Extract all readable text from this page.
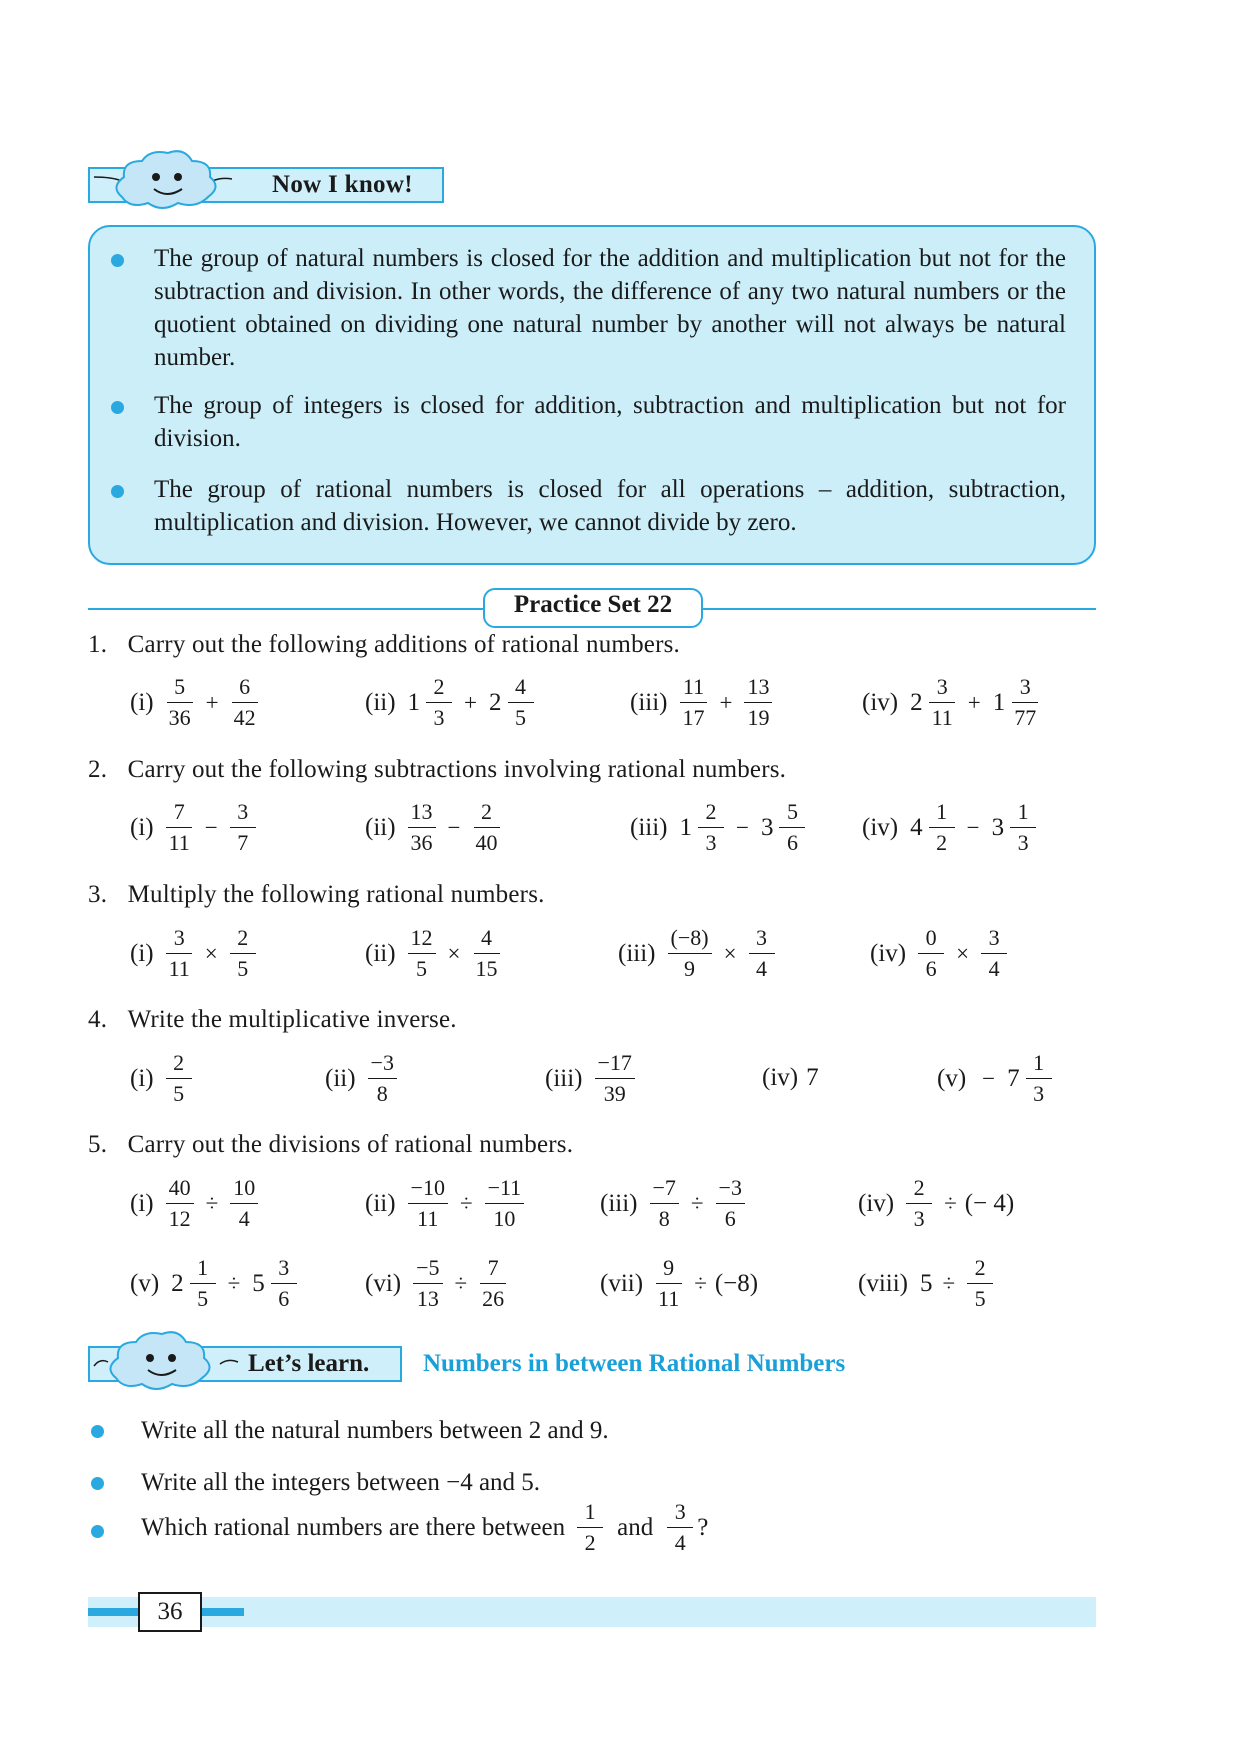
Now I know!
The group of natural numbers is closed for the addition and multiplication but not for the subtraction and division. In other words, the difference of any two natural numbers or the quotient obtained on dividing one natural number by another will not always be natural number.
The group of integers is closed for addition, subtraction and multiplication but not for division.
The group of rational numbers is closed for all operations – addition, subtraction, multiplication and division. However, we cannot divide by zero.
Practice Set 22
1. Carry out the following additions of rational numbers.
$(i) \frac{5}{36} + \frac{6}{42}$	(ii) $1 \frac{2}{3} + 2 \frac{4}{5}$	$(iii) \frac{11}{17} + \frac{13}{19}$	(iv) $2 \frac{3}{11} + 1 \frac{3}{77}$
2. Carry out the following subtractions involving rational numbers.
$(i) \frac{7}{11} - \frac{3}{7}$	$(ii) \frac{13}{36} - \frac{2}{40}$	(iii) $1 \frac{2}{3} - 3 \frac{5}{6} (iv)$ $4 \frac{1}{2} - 3 \frac{1}{3}$
3. Multiply the following rational numbers.
$(i) \frac{3}{11} \times \frac{2}{5}$	$(ii) \frac{12}{5} \times \frac{4}{15}$	$(iii) \frac{(-8)}{9} \times \frac{3}{4}$	$(iv) \frac{0}{6} \times \frac{3}{4}$
4. Write the multiplicative inverse.
$(i) \frac{2}{5}$	$(ii) \frac{-3}{8}$	$(iii) \frac{-17}{39}$	(iv) 7	$(v) - 7 \frac{1}{3}$
5. Carry out the divisions of rational numbers.
$(i) \frac{40}{12} \div \frac{10}{4}$	$(ii) \frac{-10}{11} \div \frac{-11}{10}$	$(iii) \frac{-7}{8} \div \frac{-3}{6}$	$(iv) \frac{2}{3}$ ÷ (− 4)
(v) $2 \frac{1}{5} \div 5 \frac{3}{6}$	$(vi) \frac{-5}{13} \div \frac{7}{26}$	$(vii) \frac{9}{11} \div (-8)$	(viii) $5 \div \frac{2}{5}$
Let’s learn. Numbers in between Rational Numbers
Write all the natural numbers between 2 and 9.
Write all the integers between −4 and 5.
Which rational numbers are there between $\frac{1}{2}$ and $\frac{3}{4}$ ?
36
